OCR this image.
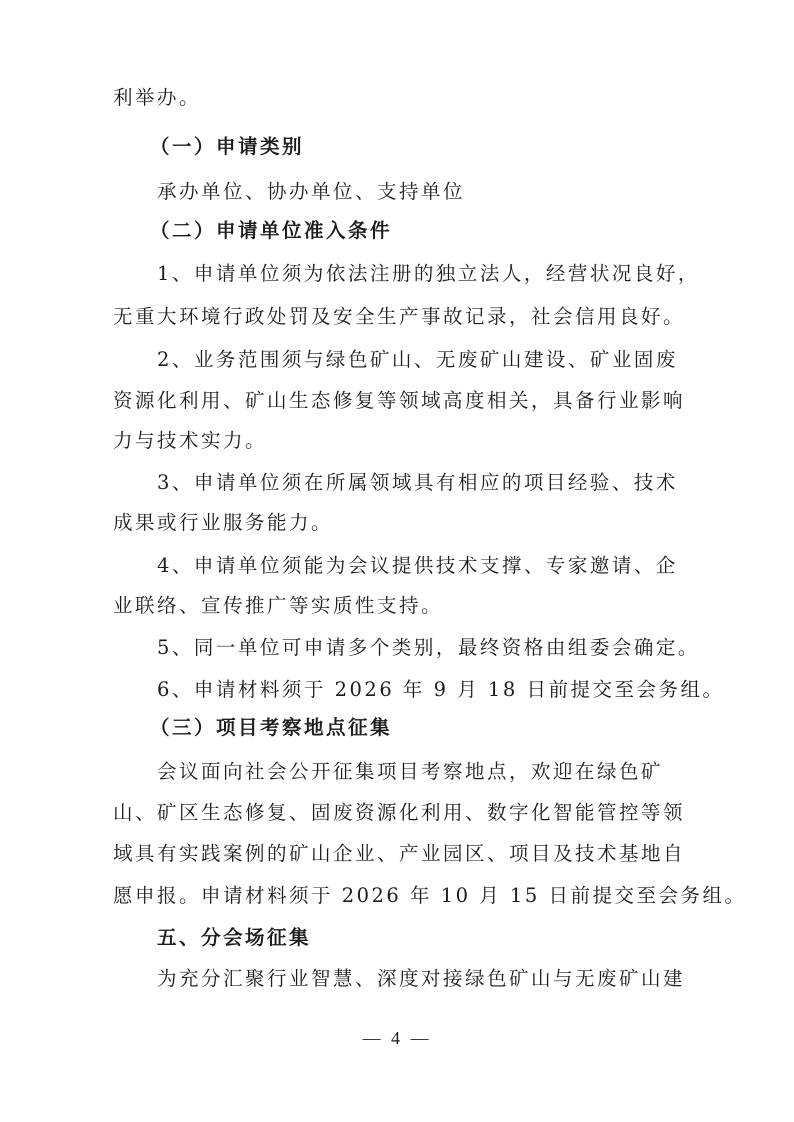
利举办。
（一）申请类别
承办单位、协办单位、支持单位
（二）申请单位准入条件
1、申请单位须为依法注册的独立法人，经营状况良好，
无重大环境行政处罚及安全生产事故记录，社会信用良好。
2、业务范围须与绿色矿山、无废矿山建设、矿业固废
资源化利用、矿山生态修复等领域高度相关，具备行业影响
力与技术实力。
3、申请单位须在所属领域具有相应的项目经验、技术
成果或行业服务能力。
4、申请单位须能为会议提供技术支撑、专家邀请、企
业联络、宣传推广等实质性支持。
5、同一单位可申请多个类别，最终资格由组委会确定。
6、申请材料须于 2026 年 9 月 18 日前提交至会务组。
（三）项目考察地点征集
会议面向社会公开征集项目考察地点，欢迎在绿色矿
山、矿区生态修复、固废资源化利用、数字化智能管控等领
域具有实践案例的矿山企业、产业园区、项目及技术基地自
愿申报。申请材料须于 2026 年 10 月 15 日前提交至会务组。
五、分会场征集
为充分汇聚行业智慧、深度对接绿色矿山与无废矿山建
— 4 —
